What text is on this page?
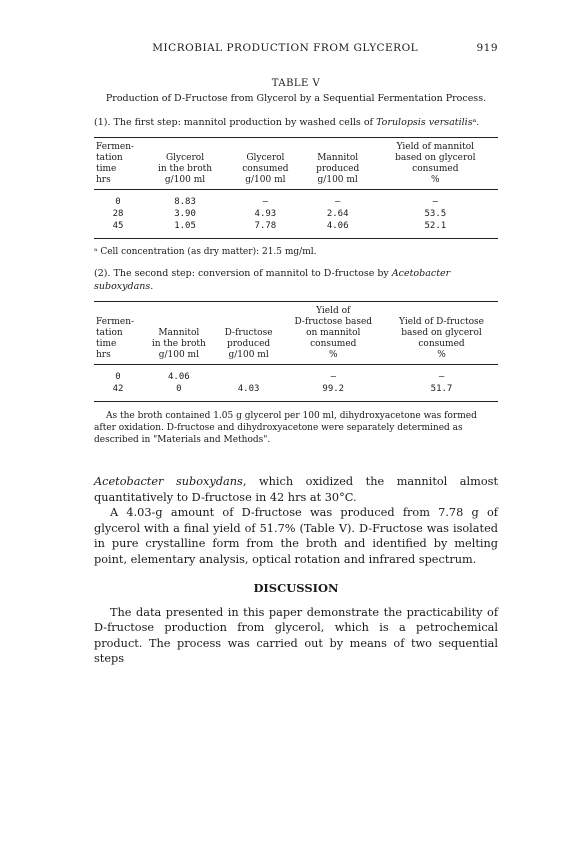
MICROBIAL PRODUCTION FROM GLYCEROL	919
TABLE V
Production of D-Fructose from Glycerol by a Sequential Fermentation Process.
(1). The first step: mannitol production by washed cells of Torulopsis versatilisᵃ.
Fermen-				Yield of mannitol
tation	Glycerol	Glycerol	Mannitol	based on glycerol
time	in the broth	consumed	produced	consumed
hrs	g/100 ml	g/100 ml	g/100 ml	%
0	8.83	—	—	—
28	3.90	4.93	2.64	53.5
45	1.05	7.78	4.06	52.1
ᵃ Cell concentration (as dry matter): 21.5 mg/ml.
(2). The second step: conversion of mannitol to D-fructose by Acetobacter suboxydans.
			Yield of	
Fermen-			D-fructose based	Yield of D-fructose
tation	Mannitol	D-fructose	on mannitol	based on glycerol
time	in the broth	produced	consumed	consumed
hrs	g/100 ml	g/100 ml	%	%
0	4.06		—	—
42	0	4.03	99.2	51.7
As the broth contained 1.05 g glycerol per 100 ml, dihydroxyacetone was formed after oxidation. D-fructose and dihydroxyacetone were separately determined as described in "Materials and Methods".

Acetobacter suboxydans, which oxidized the mannitol almost quantitatively to D-fructose in 42 hrs at 30°C.

A 4.03-g amount of D-fructose was produced from 7.78 g of glycerol with a final yield of 51.7% (Table V). D-Fructose was isolated in pure crystalline form from the broth and identified by melting point, elementary analysis, optical rotation and infrared spectrum.

DISCUSSION

The data presented in this paper demonstrate the practicability of D-fructose production from glycerol, which is a petrochemical product. The process was carried out by means of two sequential steps
